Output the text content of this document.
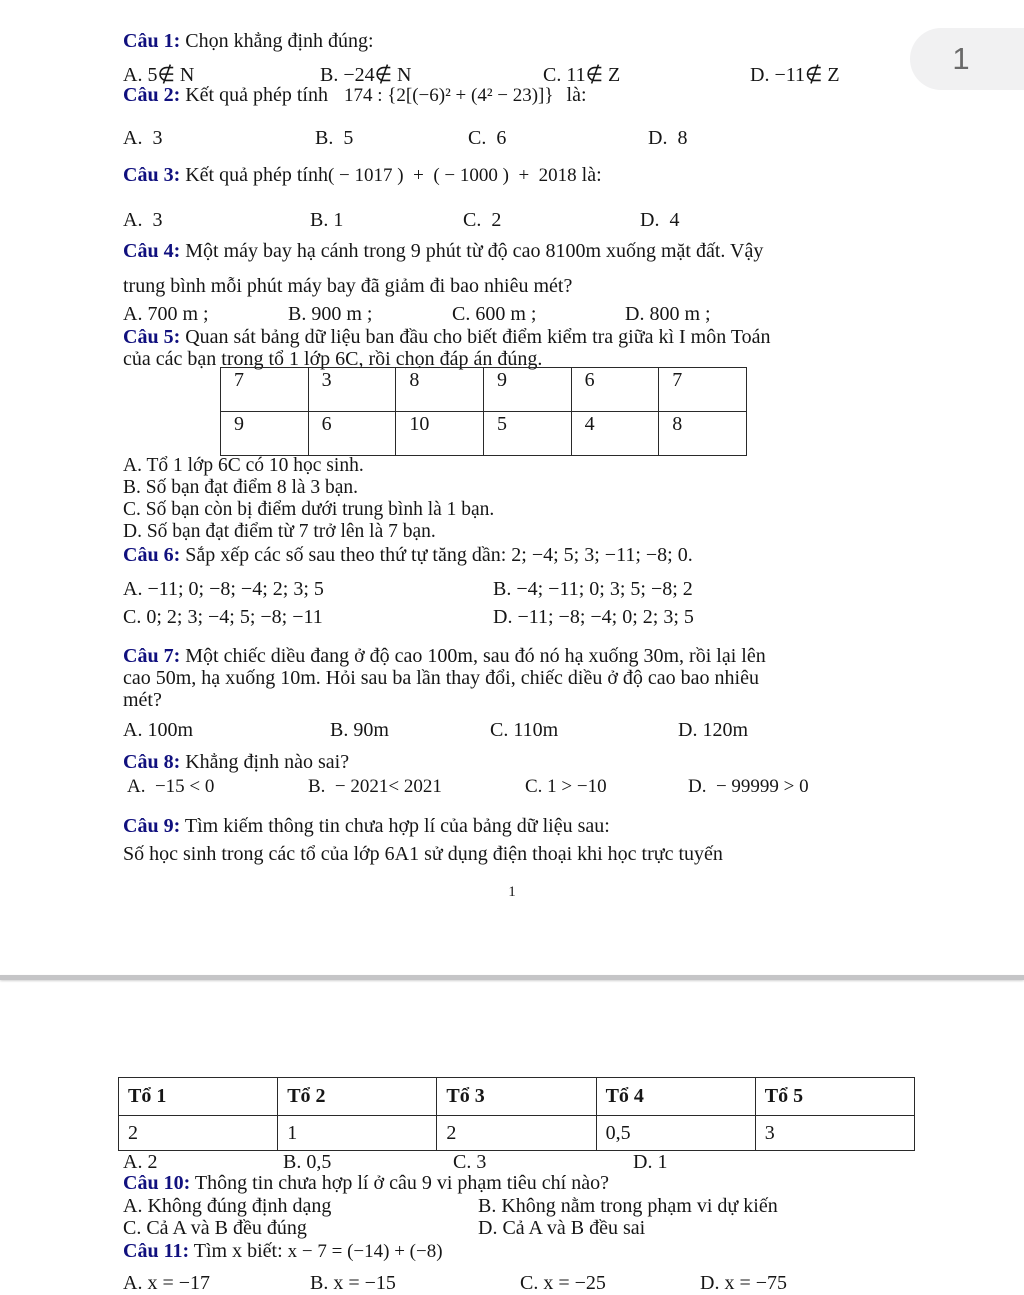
1
Câu 1: Chọn khẳng định đúng:
A. 5∉ N	B. −24∉ N	C. 11∉ Z	D. −11∉ Z
Câu 2: Kết quả phép tính 174 : {2[(−6)² + (4² − 23)]} là:
A.  3	B.  5	C.  6	D.  8
Câu 3: Kết quả phép tính( − 1017 )  +  ( − 1000 )  +  2018 là:
A.  3	B. 1	C.  2	D.  4
Câu 4: Một máy bay hạ cánh trong 9 phút từ độ cao 8100m xuống mặt đất. Vậy
trung bình mỗi phút máy bay đã giảm đi bao nhiêu mét?
A. 700 m ;	B. 900 m ;	C. 600 m ;	D. 800 m ;
Câu 5: Quan sát bảng dữ liệu ban đầu cho biết điểm kiểm tra giữa kì I môn Toán
của các bạn trong tổ 1 lớp 6C, rồi chọn đáp án đúng.
7	3	8	9	6	7
9	6	10	5	4	8
A. Tổ 1 lớp 6C có 10 học sinh.
B. Số bạn đạt điểm 8 là 3 bạn.
C. Số bạn còn bị điểm dưới trung bình là 1 bạn.
D. Số bạn đạt điểm từ 7 trở lên là 7 bạn.
Câu 6: Sắp xếp các số sau theo thứ tự tăng dần: 2; −4; 5; 3; −11; −8; 0.
A. −11; 0; −8; −4; 2; 3; 5	B. −4; −11; 0; 3; 5; −8; 2
C. 0; 2; 3; −4; 5; −8; −11	D. −11; −8; −4; 0; 2; 3; 5
Câu 7: Một chiếc diều đang ở độ cao 100m, sau đó nó hạ xuống 30m, rồi lại lên
cao 50m, hạ xuống 10m. Hỏi sau ba lần thay đổi, chiếc diều ở độ cao bao nhiêu
mét?
A. 100m	B. 90m	C. 110m	D. 120m
Câu 8: Khẳng định nào sai?
A.  −15 < 0	B.  − 2021< 2021	C. 1 > −10	D.  − 99999 > 0
Câu 9: Tìm kiếm thông tin chưa hợp lí của bảng dữ liệu sau:
Số học sinh trong các tổ của lớp 6A1 sử dụng điện thoại khi học trực tuyến
1
Tổ 1	Tổ 2	Tổ 3	Tổ 4	Tổ 5
2	1	2	0,5	3
A. 2	B. 0,5	C. 3	D. 1
Câu 10: Thông tin chưa hợp lí ở câu 9 vi phạm tiêu chí nào?
A. Không đúng định dạng	B. Không nằm trong phạm vi dự kiến
C. Cả A và B đều đúng	D. Cả A và B đều sai
Câu 11: Tìm x biết: x − 7 = (−14) + (−8)
A. x = −17	B. x = −15	C. x = −25	D. x = −75
